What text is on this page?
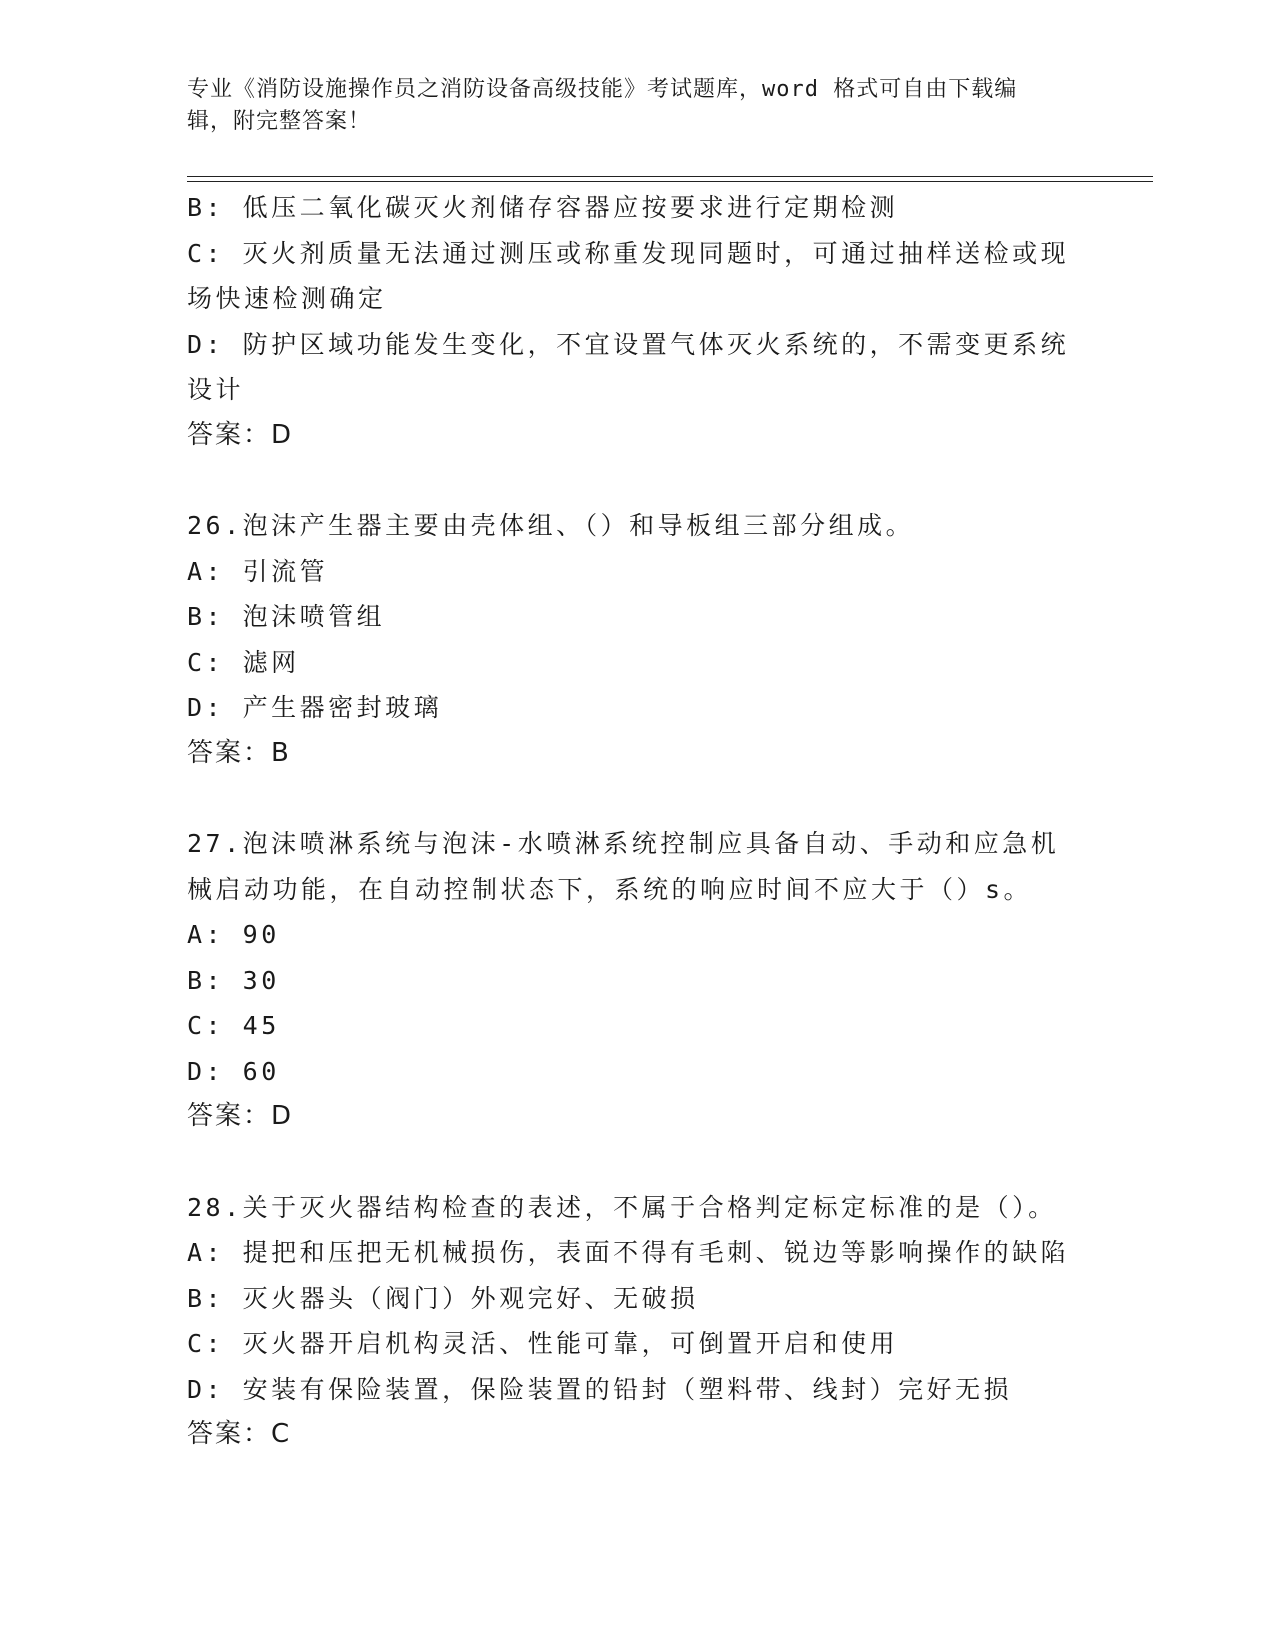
专业《消防设施操作员之消防设备高级技能》考试题库，word 格式可自由下载编
辑，附完整答案！
B: 低压二氧化碳灭火剂储存容器应按要求进行定期检测
C: 灭火剂质量无法通过测压或称重发现同题时，可通过抽样送检或现
场快速检测确定
D: 防护区域功能发生变化，不宜设置气体灭火系统的，不需变更系统
设计
答案：D
26.泡沫产生器主要由壳体组、（）和导板组三部分组成。
A: 引流管
B: 泡沫喷管组
C: 滤网
D: 产生器密封玻璃
答案：B
27.泡沫喷淋系统与泡沫-水喷淋系统控制应具备自动、手动和应急机
械启动功能，在自动控制状态下，系统的响应时间不应大于（）s。
A: 90
B: 30
C: 45
D: 60
答案：D
28.关于灭火器结构检查的表述，不属于合格判定标定标准的是（）。
A: 提把和压把无机械损伤，表面不得有毛刺、锐边等影响操作的缺陷
B: 灭火器头（阀门）外观完好、无破损
C: 灭火器开启机构灵活、性能可靠，可倒置开启和使用
D: 安装有保险装置，保险装置的铅封（塑料带、线封）完好无损
答案：C
